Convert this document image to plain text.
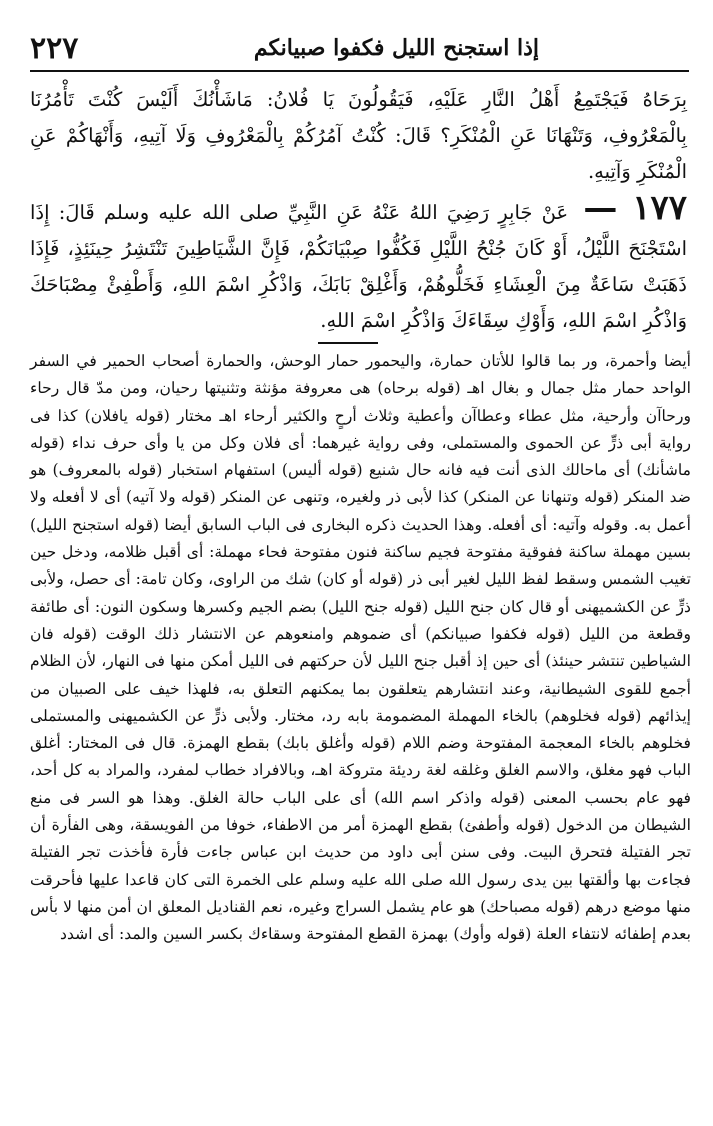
إذا استجنح الليل فكفوا صبيانكم
٢٢٧

بِرَحَاهُ فَيَجْتَمِعُ أَهْلُ النَّارِ عَلَيْهِ، فَيَقُولُونَ يَا فُلانُ: مَاشَأْنُكَ أَلَيْسَ كُنْتَ تَأْمُرُنَا بِالْمَعْرُوفِ، وَتَنْهَانَا عَنِ الْمُنْكَرِ؟ قَالَ: كُنْتُ آمُرُكُمْ بِالْمَعْرُوفِ وَلَا آتِيهِ، وَأَنْهَاكُمْ عَنِ الْمُنْكَرِ وَآتِيهِ.

١٧٧ — عَنْ جَابِرٍ رَضِيَ اللهُ عَنْهُ عَنِ النَّبِيِّ صلى الله عليه وسلم قَالَ: إِذَا اسْتَجْنَحَ اللَّيْلُ، أَوْ كَانَ جُنْحُ اللَّيْلِ فَكُفُّوا صِبْيَانَكُمْ، فَإِنَّ الشَّيَاطِينَ تَنْتَشِرُ حِينَئِذٍ، فَإِذَا ذَهَبَتْ سَاعَةٌ مِنَ الْعِشَاءِ فَخَلُّوهُمْ، وَأَغْلِقْ بَابَكَ، وَاذْكُرِ اسْمَ اللهِ، وَأَطْفِئْ مِصْبَاحَكَ وَاذْكُرِ اسْمَ اللهِ، وَأَوْكِ سِقَاءَكَ وَاذْكُرِ اسْمَ اللهِ.

أيضا وأحمرة، ور بما قالوا للأتان حمارة، واليحمور حمار الوحش، والحمارة أصحاب الحمير في السفر الواحد حمار مثل جمال و بغال اهـ (قوله برحاه) هى معروفة مؤنثة وتثنيتها رحيان، ومن مدّ قال رحاء ورحاآن وأرحية، مثل عطاء وعطاآن وأعطية وثلاث أرحٍ والكثير أرحاء اهـ مختار (قوله يافلان) كذا فى رواية أبى ذرٍّ عن الحموى والمستملى، وفى رواية غيرهما: أى فلان وكل من يا وأى حرف نداء (قوله ماشأنك) أى ماحالك الذى أنت فيه فانه حال شنيع (قوله أليس) استفهام استخبار (قوله بالمعروف) هو ضد المنكر (قوله وتنهانا عن المنكر) كذا لأبى ذر ولغيره، وتنهى عن المنكر (قوله ولا آتيه) أى لا أفعله ولا أعمل به. وقوله وآتيه: أى أفعله. وهذا الحديث ذكره البخارى فى الباب السابق أيضا (قوله استجنح الليل) بسين مهملة ساكنة ففوقية مفتوحة فجيم ساكنة فنون مفتوحة فحاء مهملة: أى أقبل ظلامه، ودخل حين تغيب الشمس وسقط لفظ الليل لغير أبى ذر (قوله أو كان) شك من الراوى، وكان تامة: أى حصل، ولأبى ذرٍّ عن الكشميهنى أو قال كان جنح الليل (قوله جنح الليل) بضم الجيم وكسرها وسكون النون: أى طائفة وقطعة من الليل (قوله فكفوا صبيانكم) أى ضموهم وامنعوهم عن الانتشار ذلك الوقت (قوله فان الشياطين تنتشر حينئذ) أى حين إذ أقبل جنح الليل لأن حركتهم فى الليل أمكن منها فى النهار، لأن الظلام أجمع للقوى الشيطانية، وعند انتشارهم يتعلقون بما يمكنهم التعلق به، فلهذا خيف على الصبيان من إيذائهم (قوله فخلوهم) بالخاء المهملة المضمومة بابه رد، مختار. ولأبى ذرٍّ عن الكشميهنى والمستملى فخلوهم بالخاء المعجمة المفتوحة وضم اللام (قوله وأغلق بابك) بقطع الهمزة. قال فى المختار: أغلق الباب فهو مغلق، والاسم الغلق وغلقه لغة رديئة متروكة اهـ، وبالافراد خطاب لمفرد، والمراد به كل أحد، فهو عام بحسب المعنى (قوله واذكر اسم الله) أى على الباب حالة الغلق. وهذا هو السر فى منع الشيطان من الدخول (قوله وأطفئ) بقطع الهمزة أمر من الاطفاء، خوفا من الفويسقة، وهى الفأرة أن تجر الفتيلة فتحرق البيت. وفى سنن أبى داود من حديث ابن عباس جاءت فأرة فأخذت تجر الفتيلة فجاءت بها وألقتها بين يدى رسول الله صلى الله عليه وسلم على الخمرة التى كان قاعدا عليها فأحرقت منها موضع درهم (قوله مصباحك) هو عام يشمل السراج وغيره، نعم القناديل المعلق ان أمن منها لا بأس بعدم إطفائه لانتفاء العلة (قوله وأوك) بهمزة القطع المفتوحة وسقاءك بكسر السين والمد: أى اشدد
